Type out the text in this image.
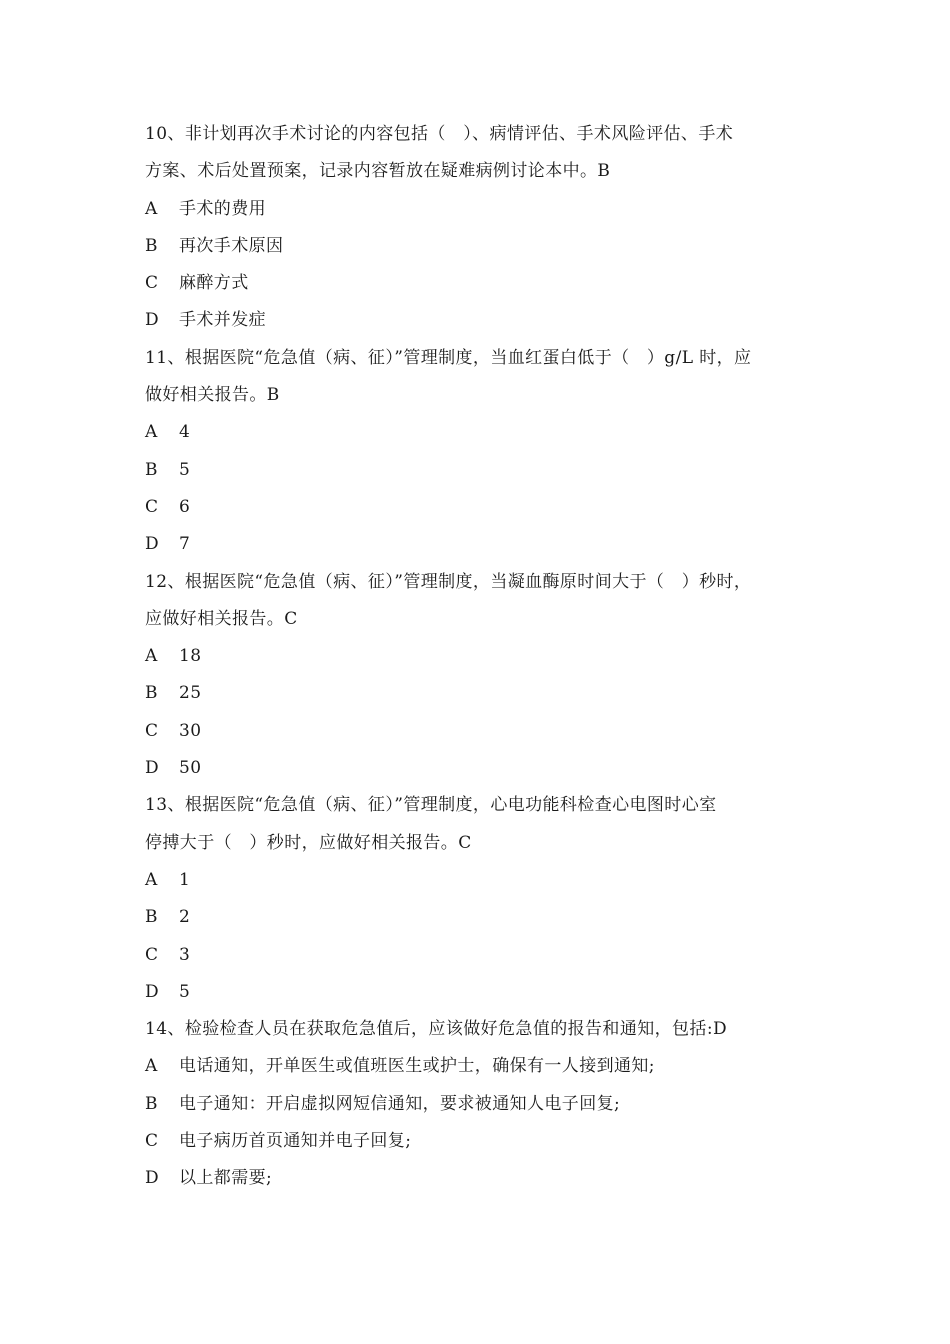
10、非计划再次手术讨论的内容包括（　）、病情评估、手术风险评估、手术
方案、术后处置预案，记录内容暂放在疑难病例讨论本中。B
A	手术的费用
B	再次手术原因
C	麻醉方式
D	手术并发症
11、根据医院“危急值（病、征）”管理制度，当血红蛋白低于（　）g/L 时，应
做好相关报告。B
A	4
B	5
C	6
D	7
12、根据医院“危急值（病、征）”管理制度，当凝血酶原时间大于（　）秒时，
应做好相关报告。C
A	18
B	25
C	30
D	50
13、根据医院“危急值（病、征）”管理制度，心电功能科检查心电图时心室
停搏大于（　）秒时，应做好相关报告。C
A	1
B	2
C	3
D	5
14、检验检查人员在获取危急值后，应该做好危急值的报告和通知，包括:D
A	电话通知，开单医生或值班医生或护士，确保有一人接到通知;
B	电子通知：开启虚拟网短信通知，要求被通知人电子回复;
C	电子病历首页通知并电子回复;
D	以上都需要;
